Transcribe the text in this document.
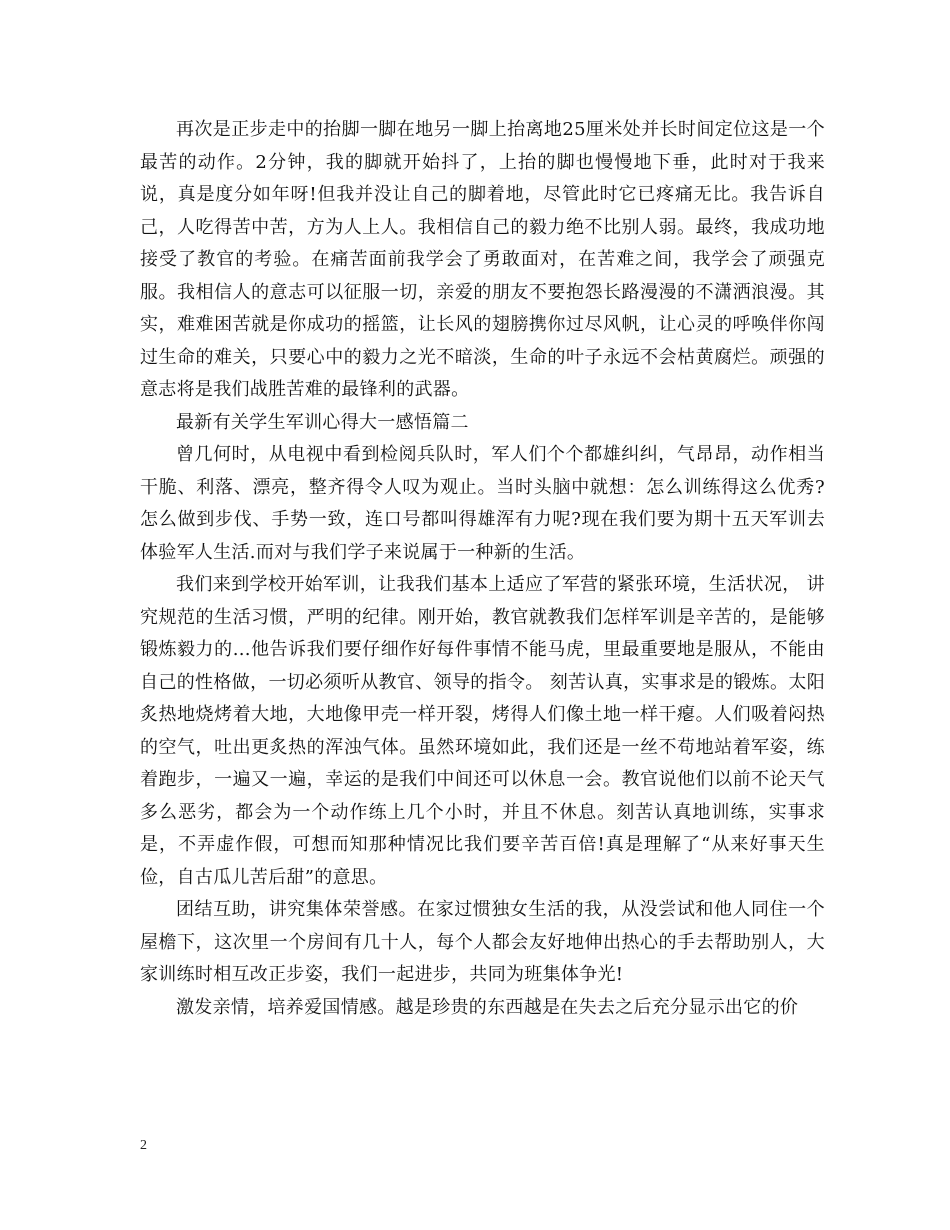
再次是正步走中的抬脚一脚在地另一脚上抬离地25厘米处并长时间定位这是一个最苦的动作。2分钟，我的脚就开始抖了，上抬的脚也慢慢地下垂，此时对于我来说，真是度分如年呀!但我并没让自己的脚着地，尽管此时它已疼痛无比。我告诉自己，人吃得苦中苦，方为人上人。我相信自己的毅力绝不比别人弱。最终，我成功地接受了教官的考验。在痛苦面前我学会了勇敢面对，在苦难之间，我学会了顽强克服。我相信人的意志可以征服一切，亲爱的朋友不要抱怨长路漫漫的不潇洒浪漫。其实，难难困苦就是你成功的摇篮，让长风的翅膀携你过尽风帆，让心灵的呼唤伴你闯过生命的难关，只要心中的毅力之光不暗淡，生命的叶子永远不会枯黄腐烂。顽强的意志将是我们战胜苦难的最锋利的武器。

最新有关学生军训心得大一感悟篇二

曾几何时，从电视中看到检阅兵队时，军人们个个都雄纠纠，气昂昂，动作相当干脆、利落、漂亮，整齐得令人叹为观止。当时头脑中就想：怎么训练得这么优秀?怎么做到步伐、手势一致，连口号都叫得雄浑有力呢?现在我们要为期十五天军训去体验军人生活.而对与我们学子来说属于一种新的生活。

我们来到学校开始军训，让我我们基本上适应了军营的紧张环境，生活状况， 讲究规范的生活习惯，严明的纪律。刚开始，教官就教我们怎样军训是辛苦的，是能够锻炼毅力的…他告诉我们要仔细作好每件事情不能马虎，里最重要地是服从，不能由自己的性格做，一切必须听从教官、领导的指令。 刻苦认真，实事求是的锻炼。太阳炙热地烧烤着大地，大地像甲壳一样开裂，烤得人们像土地一样干瘪。人们吸着闷热的空气，吐出更炙热的浑浊气体。虽然环境如此，我们还是一丝不苟地站着军姿，练着跑步，一遍又一遍，幸运的是我们中间还可以休息一会。教官说他们以前不论天气多么恶劣，都会为一个动作练上几个小时，并且不休息。刻苦认真地训练，实事求是，不弄虚作假，可想而知那种情况比我们要辛苦百倍!真是理解了“从来好事天生俭，自古瓜儿苦后甜”的意思。

团结互助，讲究集体荣誉感。在家过惯独女生活的我，从没尝试和他人同住一个屋檐下，这次里一个房间有几十人，每个人都会友好地伸出热心的手去帮助别人，大家训练时相互改正步姿，我们一起进步，共同为班集体争光!

激发亲情，培养爱国情感。越是珍贵的东西越是在失去之后充分显示出它的价

2
